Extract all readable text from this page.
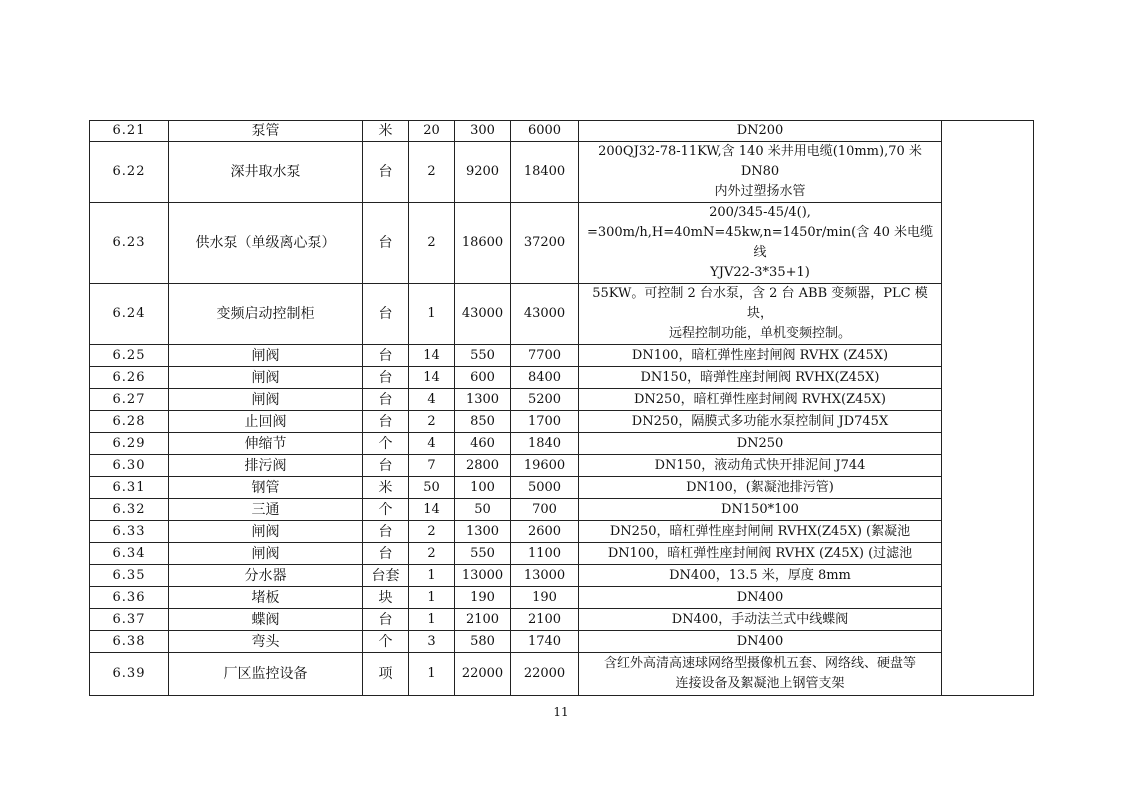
6.21	泵管	米	20	300	6000	DN200	

6.22	深井取水泵	台	2	9200	18400	200QJ32-78-11KW,含 140 米井用电缆(10mm),70 米 DN80
内外过塑扬水管	

6.23	供水泵（单级离心泵）	台	2	18600	37200	200/345-45/4(),
=300m/h,H=40mN=45kw,n=1450r/min(含 40 米电缆线
YJV22-3*35+1)	

6.24	变频启动控制柜	台	1	43000	43000	55KW。可控制 2 台水泵，含 2 台 ABB 变频器，PLC 模块，
远程控制功能，单机变频控制。	

6.25	闸阀	台	14	550	7700	DN100，暗杠弹性座封闸阀 RVHX (Z45X)	

6.26	闸阀	台	14	600	8400	DN150，暗弹性座封闸阀 RVHX(Z45X)	

6.27	闸阀	台	4	1300	5200	DN250，暗杠弹性座封闸阀 RVHX(Z45X)	

6.28	止回阀	台	2	850	1700	DN250，隔膜式多功能水泵控制间 JD745X	

6.29	伸缩节	个	4	460	1840	DN250	

6.30	排污阀	台	7	2800	19600	DN150，液动角式快开排泥间 J744	

6.31	钢管	米	50	100	5000	DN100，(絮凝池排污管)	

6.32	三通	个	14	50	700	DN150*100	

6.33	闸阀	台	2	1300	2600	DN250，暗杠弹性座封闸闸 RVHX(Z45X) (絮凝池	

6.34	闸阀	台	2	550	1100	DN100，暗杠弹性座封闸阀 RVHX (Z45X) (过滤池	

6.35	分水器	台套	1	13000	13000	DN400，13.5 米，厚度 8mm	

6.36	堵板	块	1	190	190	DN400	

6.37	蝶阀	台	1	2100	2100	DN400，手动法兰式中线蝶阀	

6.38	弯头	个	3	580	1740	DN400	

6.39	厂区监控设备	项	1	22000	22000	含红外高清高速球网络型摄像机五套、网络线、硬盘等
连接设备及絮凝池上钢管支架	
11
